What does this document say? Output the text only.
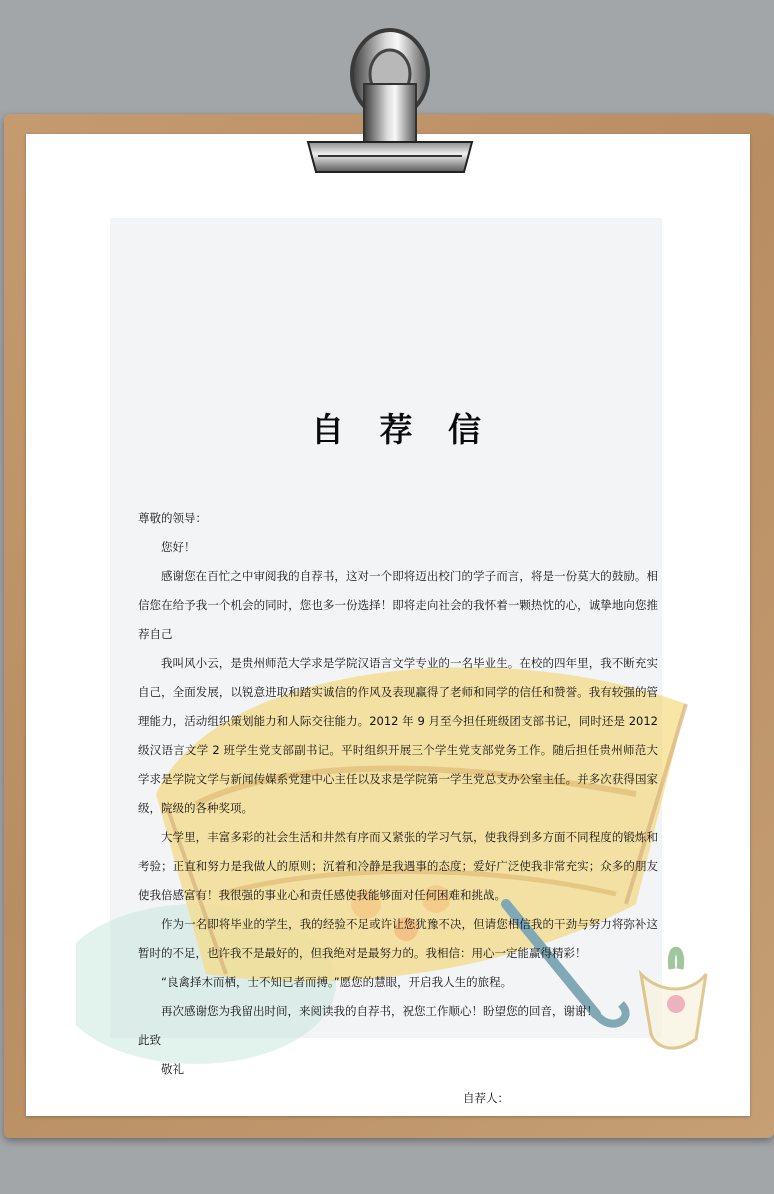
自 荐 信

尊敬的领导：

您好！

感谢您在百忙之中审阅我的自荐书，这对一个即将迈出校门的学子而言，将是一份莫大的鼓励。相信您在给予我一个机会的同时，您也多一份选择！即将走向社会的我怀着一颗热忱的心，诚挚地向您推荐自己

我叫风小云，是贵州师范大学求是学院汉语言文学专业的一名毕业生。在校的四年里，我不断充实自己，全面发展，以锐意进取和踏实诚信的作风及表现赢得了老师和同学的信任和赞誉。我有较强的管理能力，活动组织策划能力和人际交往能力。2012 年 9 月至今担任班级团支部书记，同时还是 2012 级汉语言文学 2 班学生党支部副书记。平时组织开展三个学生党支部党务工作。随后担任贵州师范大学求是学院文学与新闻传媒系党建中心主任以及求是学院第一学生党总支办公室主任。并多次获得国家级，院级的各种奖项。

大学里，丰富多彩的社会生活和井然有序而又紧张的学习气氛，使我得到多方面不同程度的锻炼和考验；正直和努力是我做人的原则；沉着和冷静是我遇事的态度；爱好广泛使我非常充实；众多的朋友使我倍感富有！我很强的事业心和责任感使我能够面对任何困难和挑战。

作为一名即将毕业的学生，我的经验不足或许让您犹豫不决，但请您相信我的干劲与努力将弥补这暂时的不足，也许我不是最好的，但我绝对是最努力的。我相信：用心一定能赢得精彩！

“良禽择木而栖，士不知已者而搏。”愿您的慧眼，开启我人生的旅程。

再次感谢您为我留出时间，来阅读我的自荐书，祝您工作顺心！盼望您的回音，谢谢！

此致

敬礼

自荐人：
